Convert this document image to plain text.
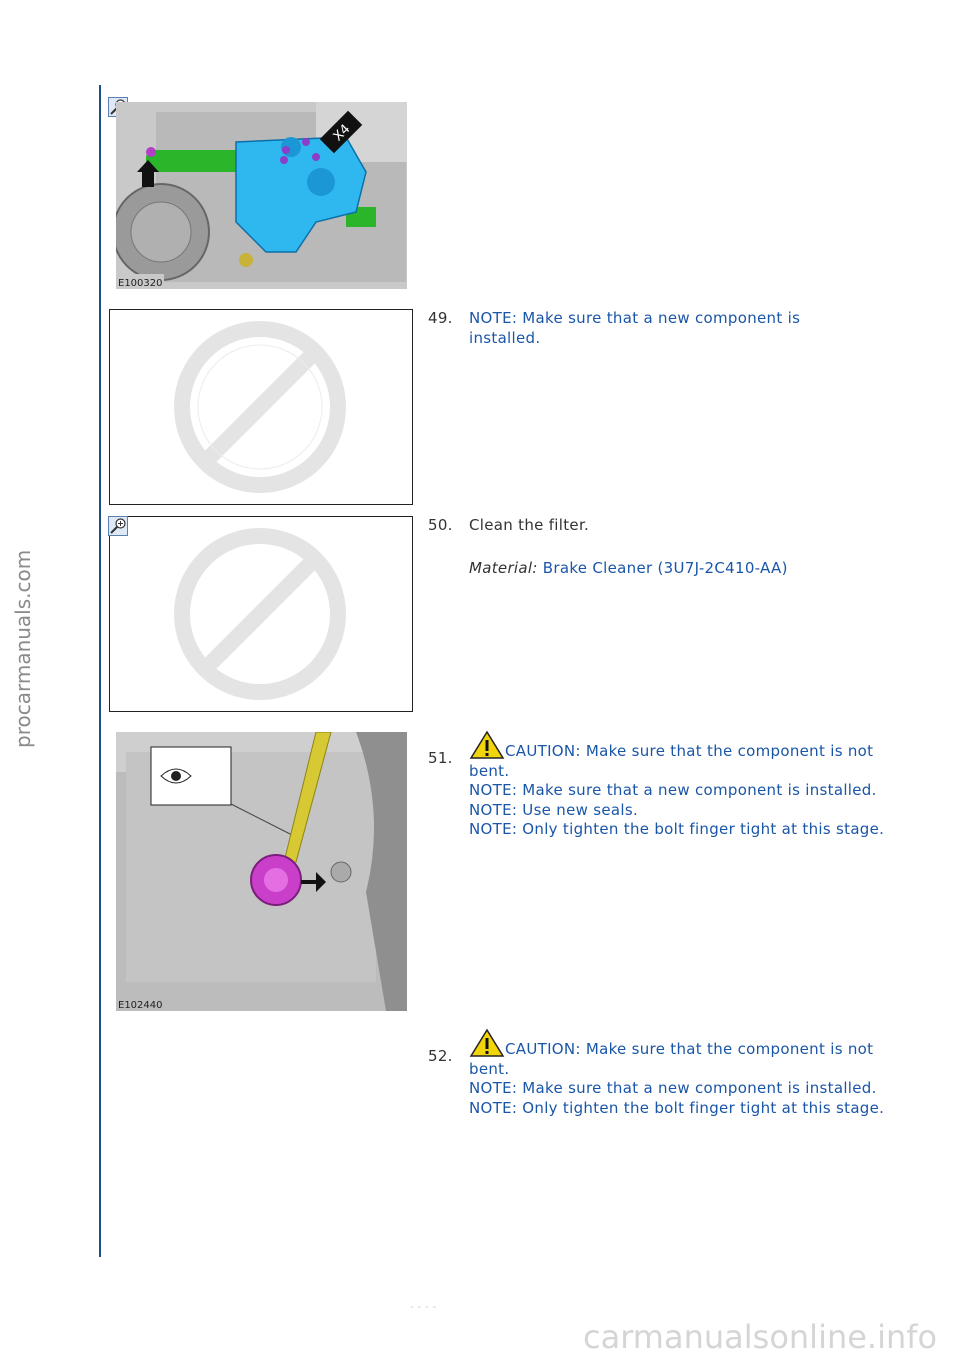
procarmanuals.com
X4
E100320
E102440
49. NOTE: Make sure that a new component is installed.
50. Clean the filter.
Material: Brake Cleaner (3U7J-2C410-AA)
51.	CAUTION: Make sure that the component is not bent.
NOTE: Make sure that a new component is installed.
NOTE: Use new seals.
NOTE: Only tighten the bolt finger tight at this stage.
52.	CAUTION: Make sure that the component is not bent.
NOTE: Make sure that a new component is installed.
NOTE: Only tighten the bolt finger tight at this stage.
- - - -
carmanualsonline.info
